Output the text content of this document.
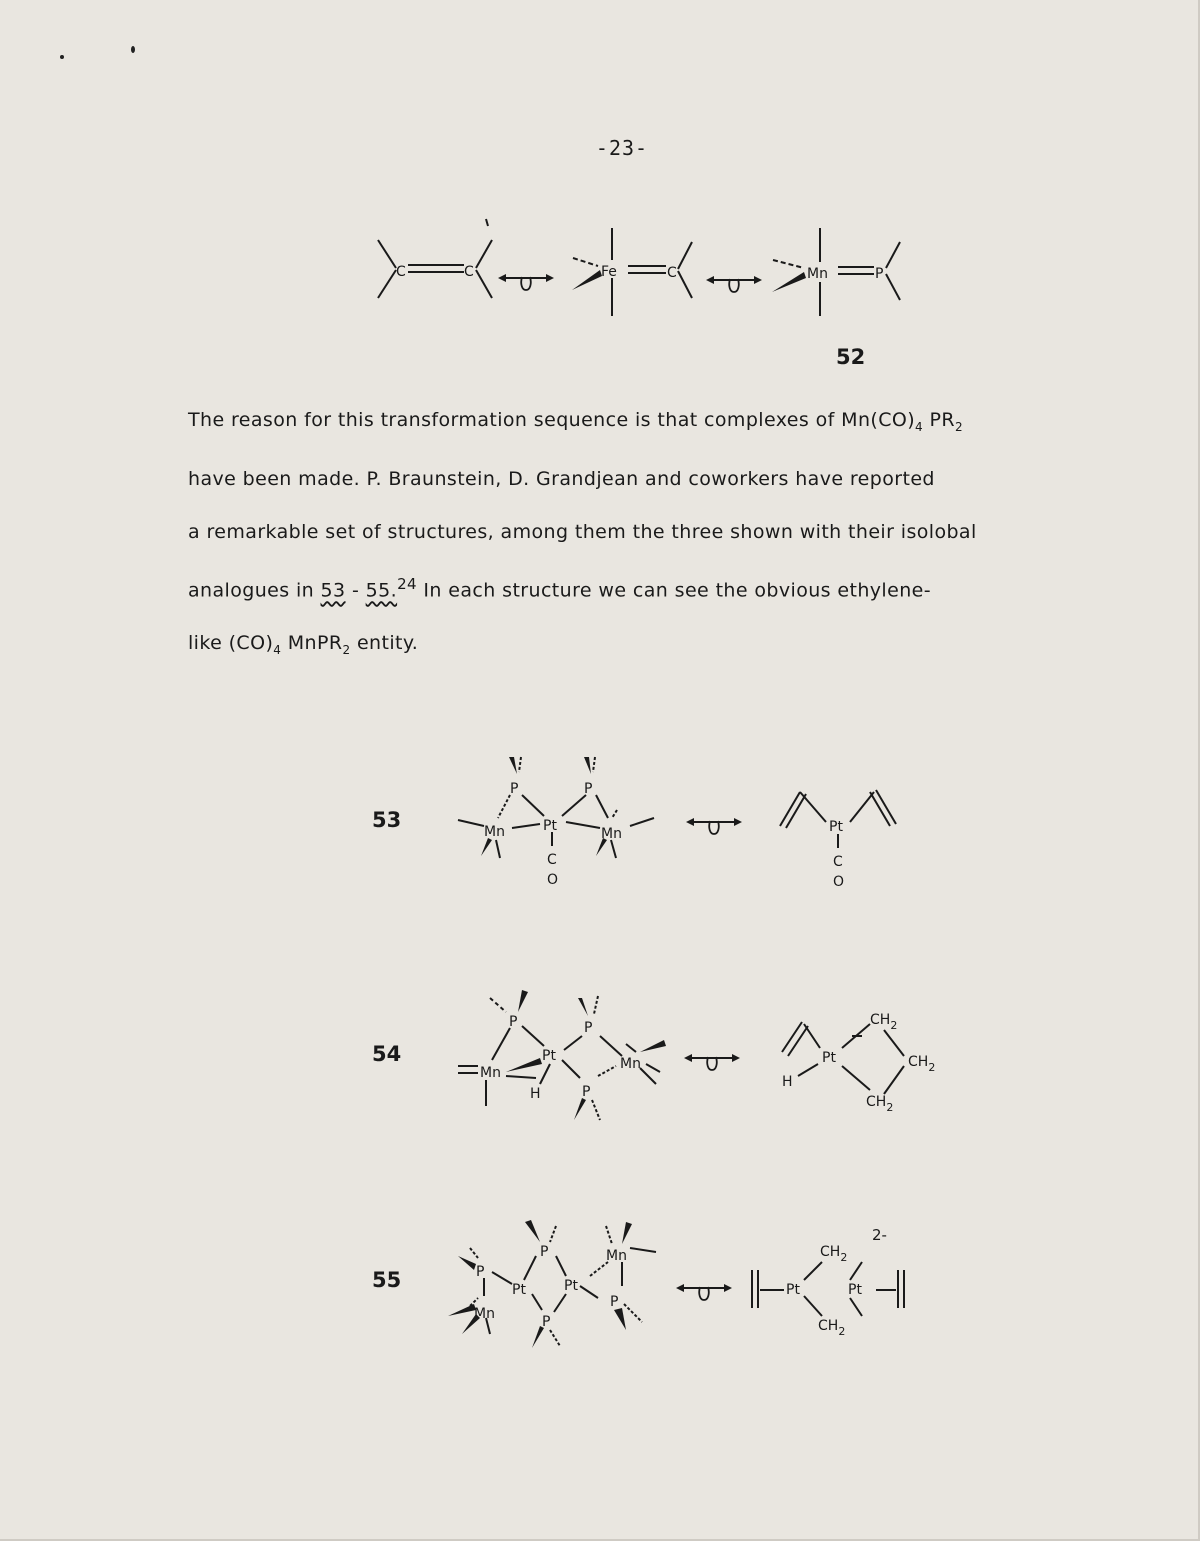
-23-
C	C	Fe	C	Mn	P
52
P	P
Mn	Pt	Mn
C
O
Pt
C
O
P	P
P
Mn
Pt	Mn
H
Pt
H
$CH_2$
$CH_2$
$CH_2$
P
P
P
P
Mn
Pt	Pt
Mn
Pt	Pt
$CH_2$
$CH_2$
2-

The reason for this transformation sequence is that complexes of $Mn(CO)_4$ $PR_2$
have been made. P. Braunstein, D. Grandjean and coworkers have reported
a remarkable set of structures, among them the three shown with their isolobal
analogues in 53 - 55.24 In each structure we can see the obvious ethylene-
like $(CO)_4$ MnPR$_2$ entity.

53
54
55
